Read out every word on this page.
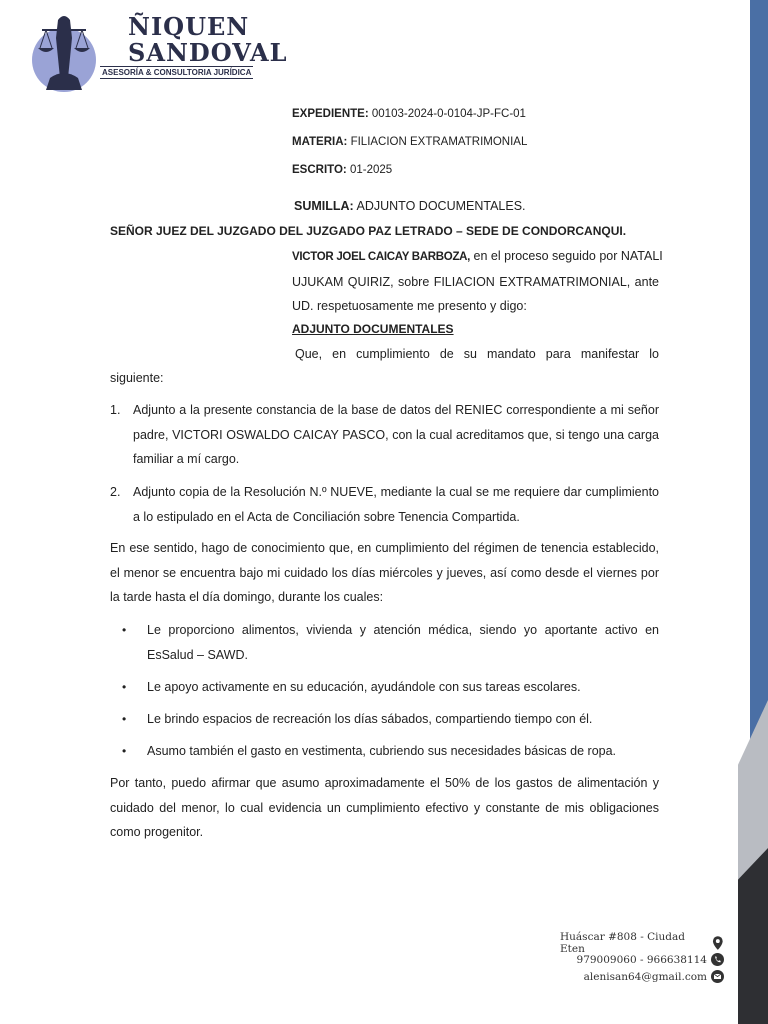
ÑIQUEN
SANDOVAL
ASESORÍA & CONSULTORIA JURÍDICA
EXPEDIENTE: 00103-2024-0-0104-JP-FC-01
MATERIA: FILIACION EXTRAMATRIMONIAL
ESCRITO: 01-2025
SUMILLA: ADJUNTO DOCUMENTALES.
SEÑOR JUEZ DEL JUZGADO DEL JUZGADO PAZ LETRADO – SEDE DE CONDORCANQUI.
VICTOR JOEL CAICAY BARBOZA, en el proceso seguido por NATALI
UJUKAM QUIRIZ, sobre FILIACION EXTRAMATRIMONIAL, ante
UD. respetuosamente me presento y digo:
ADJUNTO DOCUMENTALES
Que, en cumplimiento de su mandato para manifestar lo
siguiente:
1. Adjunto a la presente constancia de la base de datos del RENIEC correspondiente a mi señor padre, VICTORI OSWALDO CAICAY PASCO, con la cual acreditamos que, si tengo una carga familiar a mí cargo.
2. Adjunto copia de la Resolución N.º NUEVE, mediante la cual se me requiere dar cumplimiento a lo estipulado en el Acta de Conciliación sobre Tenencia Compartida.
En ese sentido, hago de conocimiento que, en cumplimiento del régimen de tenencia establecido, el menor se encuentra bajo mi cuidado los días miércoles y jueves, así como desde el viernes por la tarde hasta el día domingo, durante los cuales:
• Le proporciono alimentos, vivienda y atención médica, siendo yo aportante activo en EsSalud – SAWD.
• Le apoyo activamente en su educación, ayudándole con sus tareas escolares.
• Le brindo espacios de recreación los días sábados, compartiendo tiempo con él.
• Asumo también el gasto en vestimenta, cubriendo sus necesidades básicas de ropa.
Por tanto, puedo afirmar que asumo aproximadamente el 50% de los gastos de alimentación y cuidado del menor, lo cual evidencia un cumplimiento efectivo y constante de mis obligaciones como progenitor.
Huáscar #808 - Ciudad Eten
979009060 - 966638114
alenisan64@gmail.com
